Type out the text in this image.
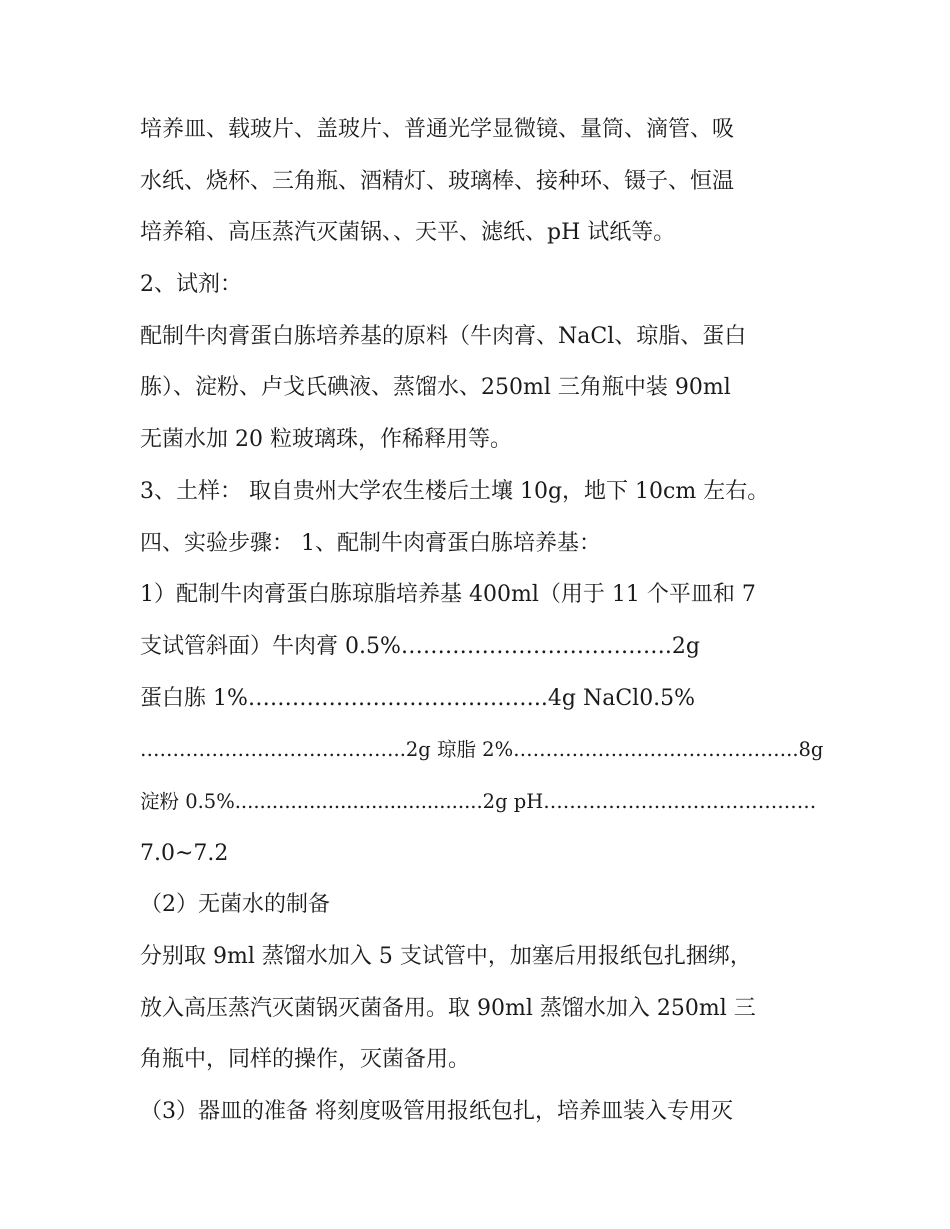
培养皿、载玻片、盖玻片、普通光学显微镜、量筒、滴管、吸
水纸、烧杯、三角瓶、酒精灯、玻璃棒、接种环、镊子、恒温
培养箱、高压蒸汽灭菌锅、、天平、滤纸、pH 试纸等。
2、试剂：
配制牛肉膏蛋白胨培养基的原料（牛肉膏、NaCl、琼脂、蛋白
胨）、淀粉、卢戈氏碘液、蒸馏水、250ml 三角瓶中装 90ml
无菌水加 20 粒玻璃珠，作稀释用等。
3、土样： 取自贵州大学农生楼后土壤 10g，地下 10cm 左右。
四、实验步骤： 1、配制牛肉膏蛋白胨培养基：
1）配制牛肉膏蛋白胨琼脂培养基 400ml（用于 11 个平皿和 7
支试管斜面）牛肉膏 0.5%……………………………….2g
蛋白胨 1%…………………………………..4g NaCl0.5%
…………………………………..2g 琼脂 2%……………………………………..8g
淀粉 0.5%........................................2g pH……………………………………
7.0~7.2
（2）无菌水的制备
分别取 9ml 蒸馏水加入 5 支试管中，加塞后用报纸包扎捆绑，
放入高压蒸汽灭菌锅灭菌备用。取 90ml 蒸馏水加入 250ml 三
角瓶中，同样的操作，灭菌备用。
（3）器皿的准备 将刻度吸管用报纸包扎，培养皿装入专用灭
